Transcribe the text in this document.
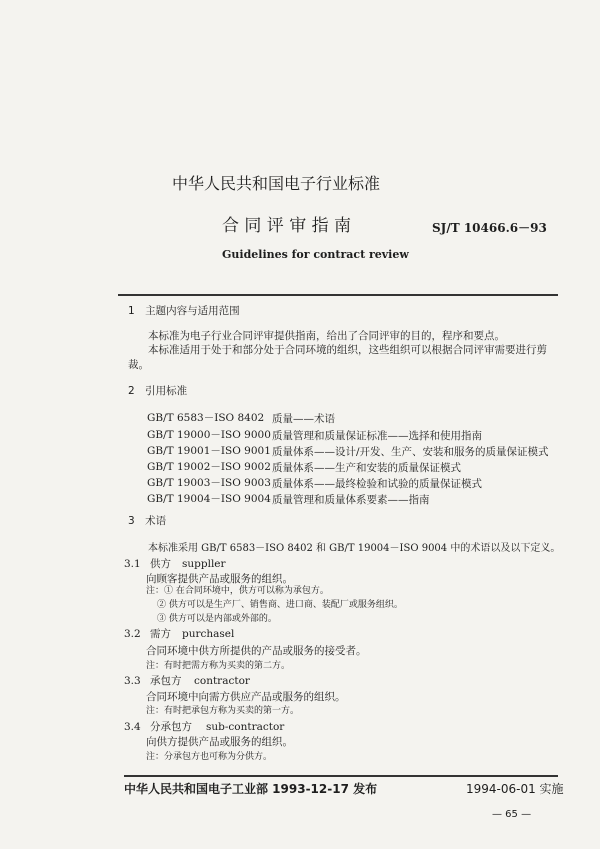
中华人民共和国电子行业标准
合 同 评 审 指 南	SJ/T 10466.6－93
Guidelines for contract review
1　主题内容与适用范围
本标准为电子行业合同评审提供指南，给出了合同评审的目的，程序和要点。
本标准适用于处于和部分处于合同环境的组织，这些组织可以根据合同评审需要进行剪
裁。
2　引用标准
GB/T 6583－ISO 8402 质量——术语
GB/T 19000－ISO 9000 质量管理和质量保证标准——选择和使用指南
GB/T 19001－ISO 9001 质量体系——设计/开发、生产、安装和服务的质量保证模式
GB/T 19002－ISO 9002 质量体系——生产和安装的质量保证模式
GB/T 19003－ISO 9003 质量体系——最终检验和试验的质量保证模式
GB/T 19004－ISO 9004 质量管理和质量体系要素——指南
3　术语
本标准采用 GB/T 6583－ISO 8402 和 GB/T 19004－ISO 9004 中的术语以及以下定义。
3.1 供方 suppller
向顾客提供产品或服务的组织。
注：① 在合同环境中，供方可以称为承包方。
② 供方可以是生产厂、销售商、进口商、装配厂或服务组织。
③ 供方可以是内部或外部的。
3.2 需方 purchasel
合同环境中供方所提供的产品或服务的接受者。
注：有时把需方称为买卖的第二方。
3.3 承包方 contractor
合同环境中向需方供应产品或服务的组织。
注：有时把承包方称为买卖的第一方。
3.4 分承包方 sub-contractor
向供方提供产品或服务的组织。
注：分承包方也可称为分供方。
中华人民共和国电子工业部 1993-12-17 发布	1994-06-01 实施
— 65 —
